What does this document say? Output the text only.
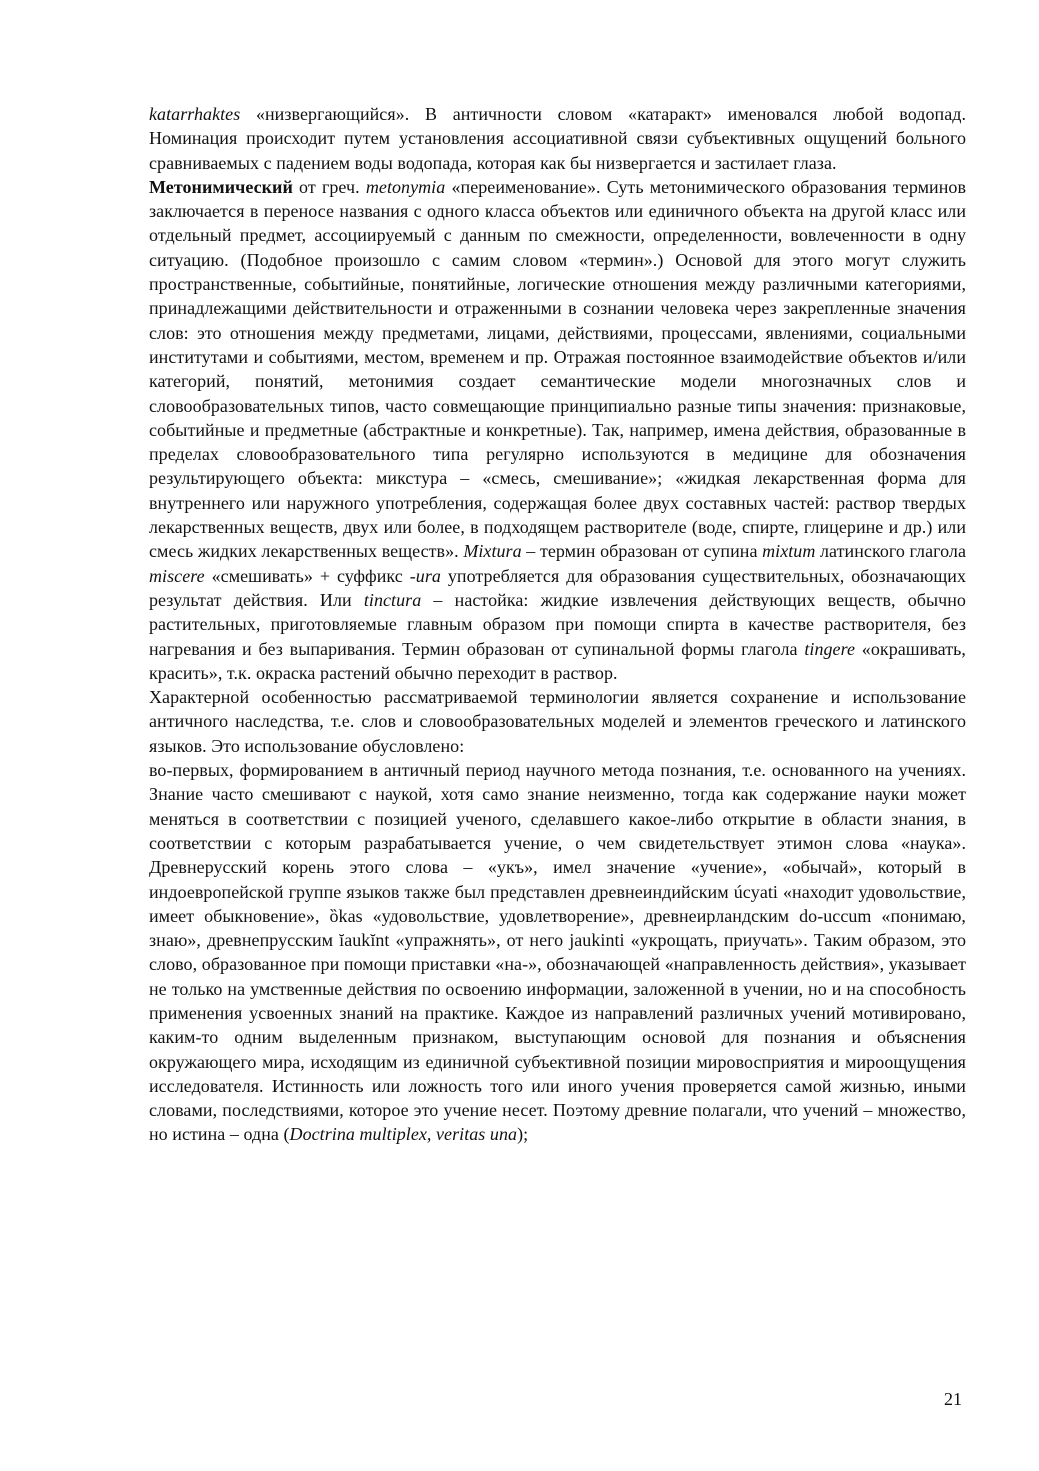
katarrhaktes «низвергающийся». В античности словом «катаракт» именовался любой водопад. Номинация происходит путем установления ассоциативной связи субъективных ощущений больного сравниваемых с падением воды водопада, которая как бы низвергается и застилает глаза.

Метонимический от греч. metonymia «переименование». Суть метонимического образования терминов заключается в переносе названия с одного класса объектов или единичного объекта на другой класс или отдельный предмет, ассоциируемый с данным по смежности, определенности, вовлеченности в одну ситуацию. (Подобное произошло с самим словом «термин».) Основой для этого могут служить пространственные, событийные, понятийные, логические отношения между различными категориями, принадлежащими действительности и отраженными в сознании человека через закрепленные значения слов: это отношения между предметами, лицами, действиями, процессами, явлениями, социальными институтами и событиями, местом, временем и пр. Отражая постоянное взаимодействие объектов и/или категорий, понятий, метонимия создает семантические модели многозначных слов и словообразовательных типов, часто совмещающие принципиально разные типы значения: признаковые, событийные и предметные (абстрактные и конкретные). Так, например, имена действия, образованные в пределах словообразовательного типа регулярно используются в медицине для обозначения результирующего объекта: микстура – «смесь, смешивание»; «жидкая лекарственная форма для внутреннего или наружного употребления, содержащая более двух составных частей: раствор твердых лекарственных веществ, двух или более, в подходящем растворителе (воде, спирте, глицерине и др.) или смесь жидких лекарственных веществ». Mixtura – термин образован от супина mixtum латинского глагола miscere «смешивать» + суффикс -ura употребляется для образования существительных, обозначающих результат действия. Или tinctura – настойка: жидкие извлечения действующих веществ, обычно растительных, приготовляемые главным образом при помощи спирта в качестве растворителя, без нагревания и без выпаривания. Термин образован от супинальной формы глагола tingere «окрашивать, красить», т.к. окраска растений обычно переходит в раствор.

Характерной особенностью рассматриваемой терминологии является сохранение и использование античного наследства, т.е. слов и словообразовательных моделей и элементов греческого и латинского языков. Это использование обусловлено:

во-первых, формированием в античный период научного метода познания, т.е. основанного на учениях. Знание часто смешивают с наукой, хотя само знание неизменно, тогда как содержание науки может меняться в соответствии с позицией ученого, сделавшего какое-либо открытие в области знания, в соответствии с которым разрабатывается учение, о чем свидетельствует этимон слова «наука». Древнерусский корень этого слова – «укъ», имел значение «учение», «обычай», который в индоевропейской группе языков также был представлен древнеиндийским úcyati «находит удовольствие, имеет обыкновение», ȍkas «удовольствие, удовлетворение», древнеирландским do-uccum «понимаю, знаю», древнепрусским ĭaukĭnt «упражнять», от него jaukinti «укрощать, приучать». Таким образом, это слово, образованное при помощи приставки «на-», обозначающей «направленность действия», указывает не только на умственные действия по освоению информации, заложенной в учении, но и на способность применения усвоенных знаний на практике. Каждое из направлений различных учений мотивировано, каким-то одним выделенным признаком, выступающим основой для познания и объяснения окружающего мира, исходящим из единичной субъективной позиции мировосприятия и мироощущения исследователя. Истинность или ложность того или иного учения проверяется самой жизнью, иными словами, последствиями, которое это учение несет. Поэтому древние полагали, что учений – множество, но истина – одна (Doctrina multiplex, veritas una);

21
